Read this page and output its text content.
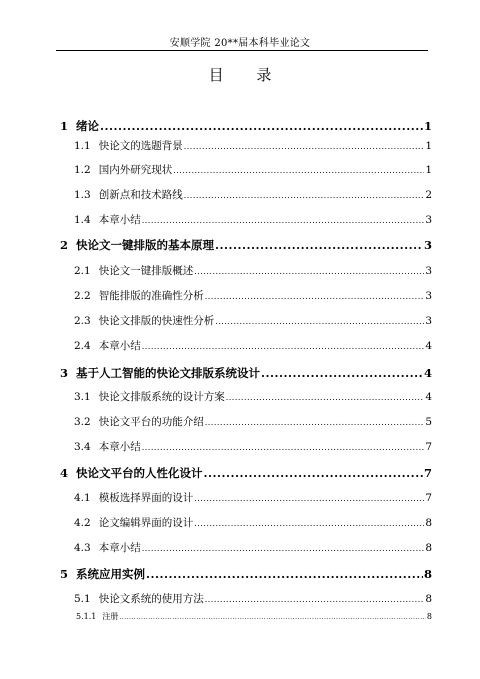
安顺学院 20**届本科毕业论文
目 录
1 绪论 .....	1
1.1 快论文的选题背景 .....	1
1.2 国内外研究现状 .....	1
1.3 创新点和技术路线 .....	2
1.4 本章小结 .....	3
2 快论文一键排版的基本原理 .....	3
2.1 快论文一键排版概述 .....	3
2.2 智能排版的准确性分析 .....	3
2.3 快论文排版的快速性分析 .....	3
2.4 本章小结 .....	4
3 基于人工智能的快论文排版系统设计 .....	4
3.1 快论文排版系统的设计方案 .....	4
3.2 快论文平台的功能介绍 .....	5
3.4 本章小结 .....	7
4 快论文平台的人性化设计 .....	7
4.1 模板选择界面的设计 .....	7
4.2 论文编辑界面的设计 .....	8
4.3 本章小结 .....	8
5 系统应用实例 .....	8
5.1 快论文系统的使用方法 .....	8
5.1.1 注册 .....	8
